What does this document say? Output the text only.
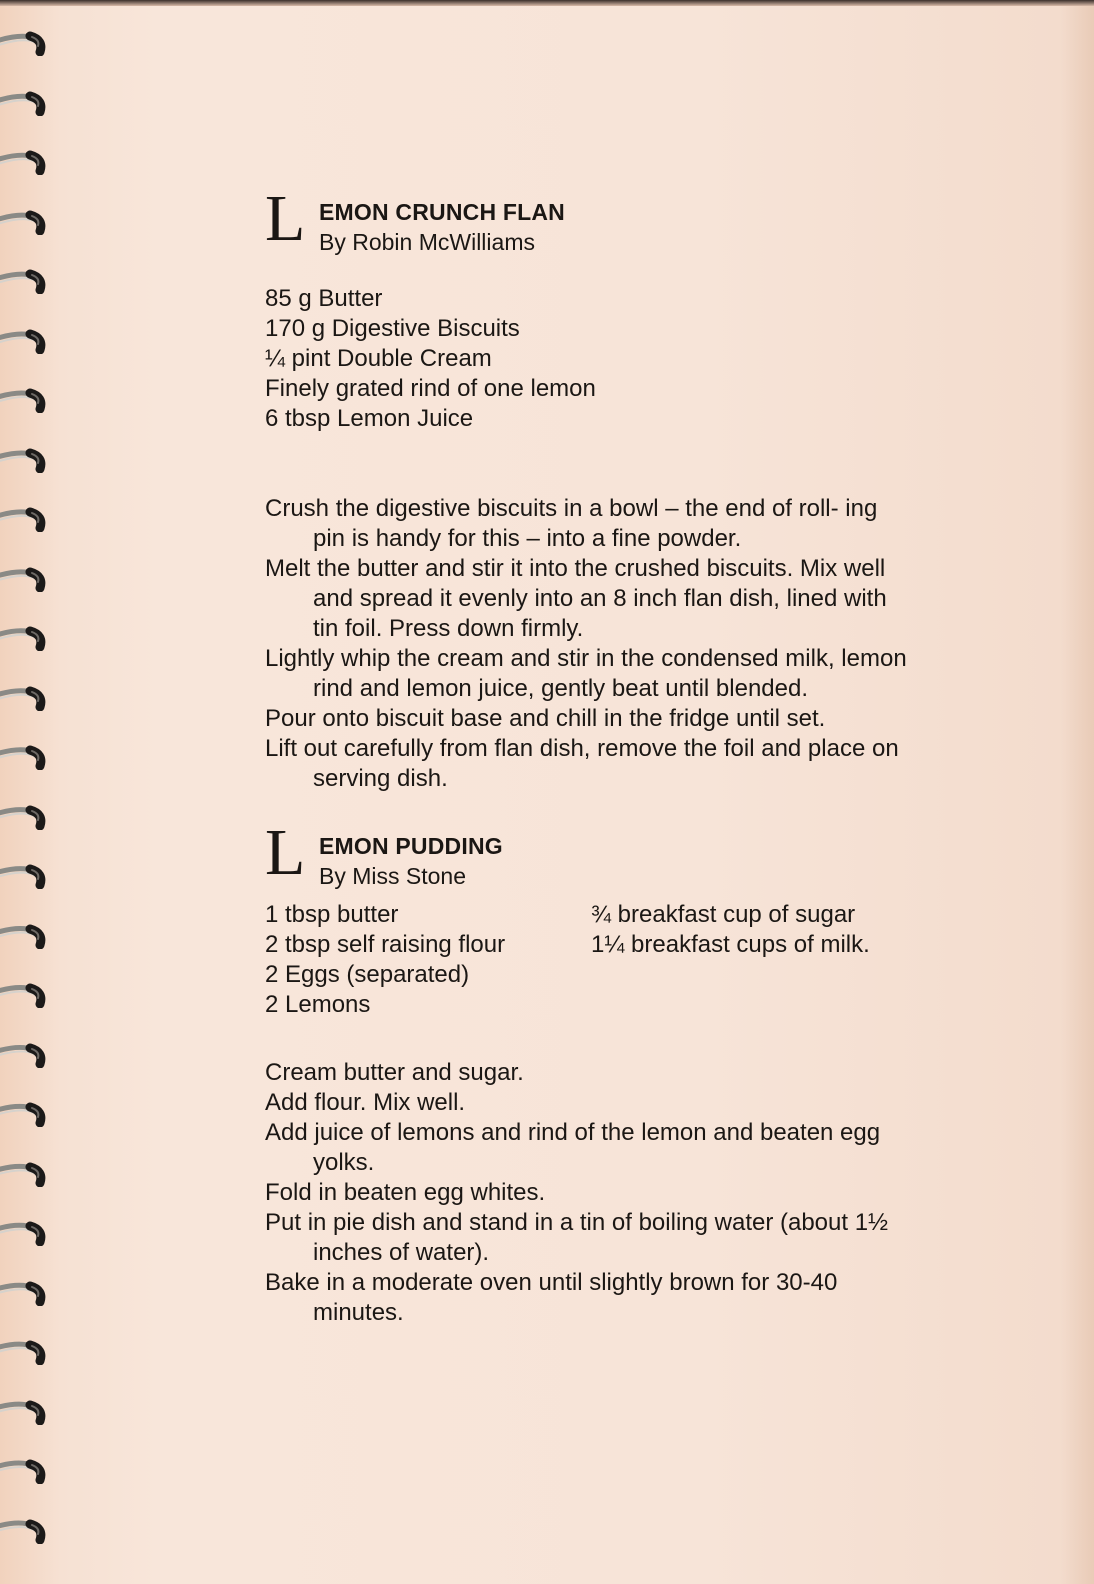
L EMON CRUNCH FLAN
By Robin McWilliams
85 g Butter
170 g Digestive Biscuits
¼ pint Double Cream
Finely grated rind of one lemon
6 tbsp Lemon Juice
Crush the digestive biscuits in a bowl – the end of roll- ing pin is handy for this – into a fine powder.
Melt the butter and stir it into the crushed biscuits. Mix well and spread it evenly into an 8 inch flan dish, lined with tin foil. Press down firmly.
Lightly whip the cream and stir in the condensed milk, lemon rind and lemon juice, gently beat until blended.
Pour onto biscuit base and chill in the fridge until set.
Lift out carefully from flan dish, remove the foil and place on serving dish.
L EMON PUDDING
By Miss Stone
1 tbsp butter
2 tbsp self raising flour
2 Eggs (separated)
2 Lemons
¾ breakfast cup of sugar
1¼ breakfast cups of milk.
Cream butter and sugar.
Add flour. Mix well.
Add juice of lemons and rind of the lemon and beaten egg yolks.
Fold in beaten egg whites.
Put in pie dish and stand in a tin of boiling water (about 1½ inches of water).
Bake in a moderate oven until slightly brown for 30-40 minutes.
